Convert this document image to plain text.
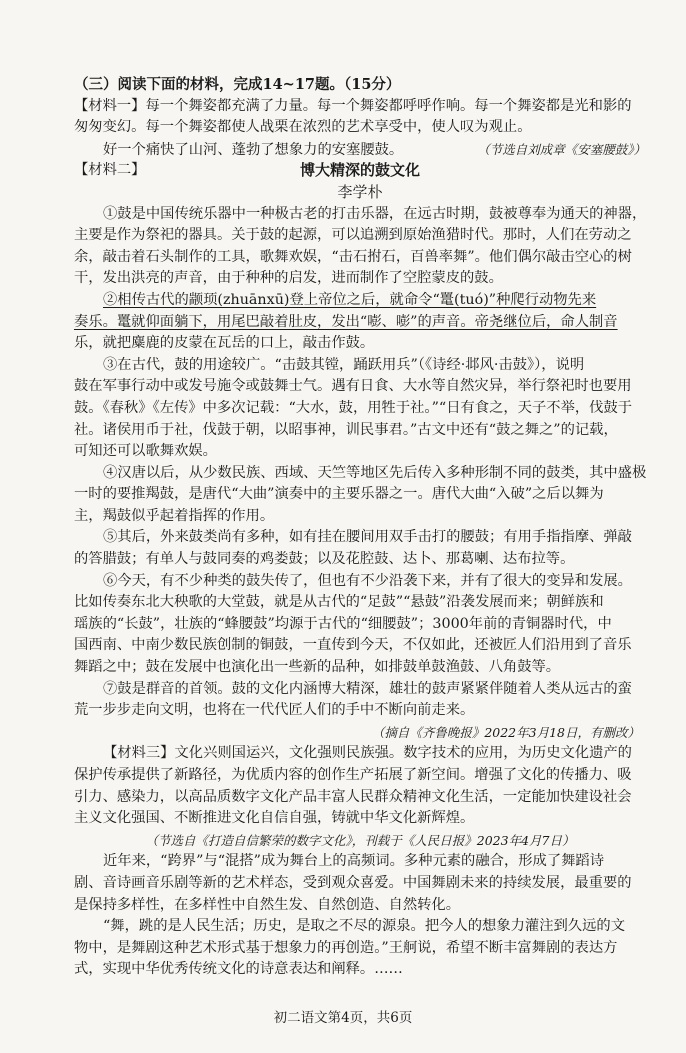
（三）阅读下面的材料，完成14~17题。（15分）
【材料一】每一个舞姿都充满了力量。每一个舞姿都呼呼作响。每一个舞姿都是光和影的
匆匆变幻。每一个舞姿都使人战栗在浓烈的艺术享受中，使人叹为观止。
好一个痛快了山河、蓬勃了想象力的安塞腰鼓。	（节选自刘成章《安塞腰鼓》）
【材料二】	博大精深的鼓文化
李学朴
①鼓是中国传统乐器中一种极古老的打击乐器，在远古时期，鼓被尊奉为通天的神器，
主要是作为祭祀的器具。关于鼓的起源，可以追溯到原始渔猎时代。那时，人们在劳动之
余，敲击着石头制作的工具，歌舞欢娱，“击石拊石，百兽率舞”。他们偶尔敲击空心的树
干，发出洪亮的声音，由于种种的启发，进而制作了空腔蒙皮的鼓。
②相传古代的颛顼(zhuānxū)登上帝位之后，就命令“鼍(tuó)”种爬行动物先来
奏乐。鼍就仰面躺下，用尾巴敲着肚皮，发出“嘭、嘭”的声音。帝尧继位后，命人制音
乐，就把麋鹿的皮蒙在瓦岳的口上，敲击作鼓。
③在古代，鼓的用途较广。“击鼓其镗，踊跃用兵”（《诗经·邶风·击鼓》），说明
鼓在军事行动中或发号施令或鼓舞士气。遇有日食、大水等自然灾异，举行祭祀时也要用
鼓。《春秋》《左传》中多次记载：“大水，鼓，用牲于社。”“日有食之，天子不举，伐鼓于
社。诸侯用币于社，伐鼓于朝，以昭事神，训民事君。”古文中还有“鼓之舞之”的记载，
可知还可以歌舞欢娱。
④汉唐以后，从少数民族、西域、天竺等地区先后传入多种形制不同的鼓类，其中盛极
一时的要推羯鼓，是唐代“大曲”演奏中的主要乐器之一。唐代大曲“入破”之后以舞为
主，羯鼓似乎起着指挥的作用。
⑤其后，外来鼓类尚有多种，如有挂在腰间用双手击打的腰鼓；有用手指指摩、弹敲
的答腊鼓；有单人与鼓同奏的鸡娄鼓；以及花腔鼓、达卜、那葛喇、达布拉等。
⑥今天，有不少种类的鼓失传了，但也有不少沿袭下来，并有了很大的变异和发展。
比如传奏东北大秧歌的大堂鼓，就是从古代的“足鼓”“悬鼓”沿袭发展而来；朝鲜族和
瑶族的“长鼓”，壮族的“蜂腰鼓”均源于古代的“细腰鼓”；3000年前的青铜器时代，中
国西南、中南少数民族创制的铜鼓，一直传到今天，不仅如此，还被匠人们沿用到了音乐
舞蹈之中；鼓在发展中也演化出一些新的品种，如排鼓单鼓渔鼓、八角鼓等。
⑦鼓是群音的首领。鼓的文化内涵博大精深，雄壮的鼓声紧紧伴随着人类从远古的蛮
荒一步步走向文明，也将在一代代匠人们的手中不断向前走来。
（摘自《齐鲁晚报》2022年3月18日，有删改）
【材料三】文化兴则国运兴，文化强则民族强。数字技术的应用，为历史文化遗产的
保护传承提供了新路径，为优质内容的创作生产拓展了新空间。增强了文化的传播力、吸
引力、感染力，以高品质数字文化产品丰富人民群众精神文化生活，一定能加快建设社会
主义文化强国、不断推进文化自信自强，铸就中华文化新辉煌。
（节选自《打造自信繁荣的数字文化》，刊载于《人民日报》2023年4月7日）
近年来，“跨界”与“混搭”成为舞台上的高频词。多种元素的融合，形成了舞蹈诗
剧、音诗画音乐剧等新的艺术样态，受到观众喜爱。中国舞剧未来的持续发展，最重要的
是保持多样性，在多样性中自然生发、自然创造、自然转化。
“舞，跳的是人民生活；历史，是取之不尽的源泉。把今人的想象力灌注到久远的文
物中，是舞剧这种艺术形式基于想象力的再创造。”王舸说，希望不断丰富舞剧的表达方
式，实现中华优秀传统文化的诗意表达和阐释。……
初二语文第4页，共6页
